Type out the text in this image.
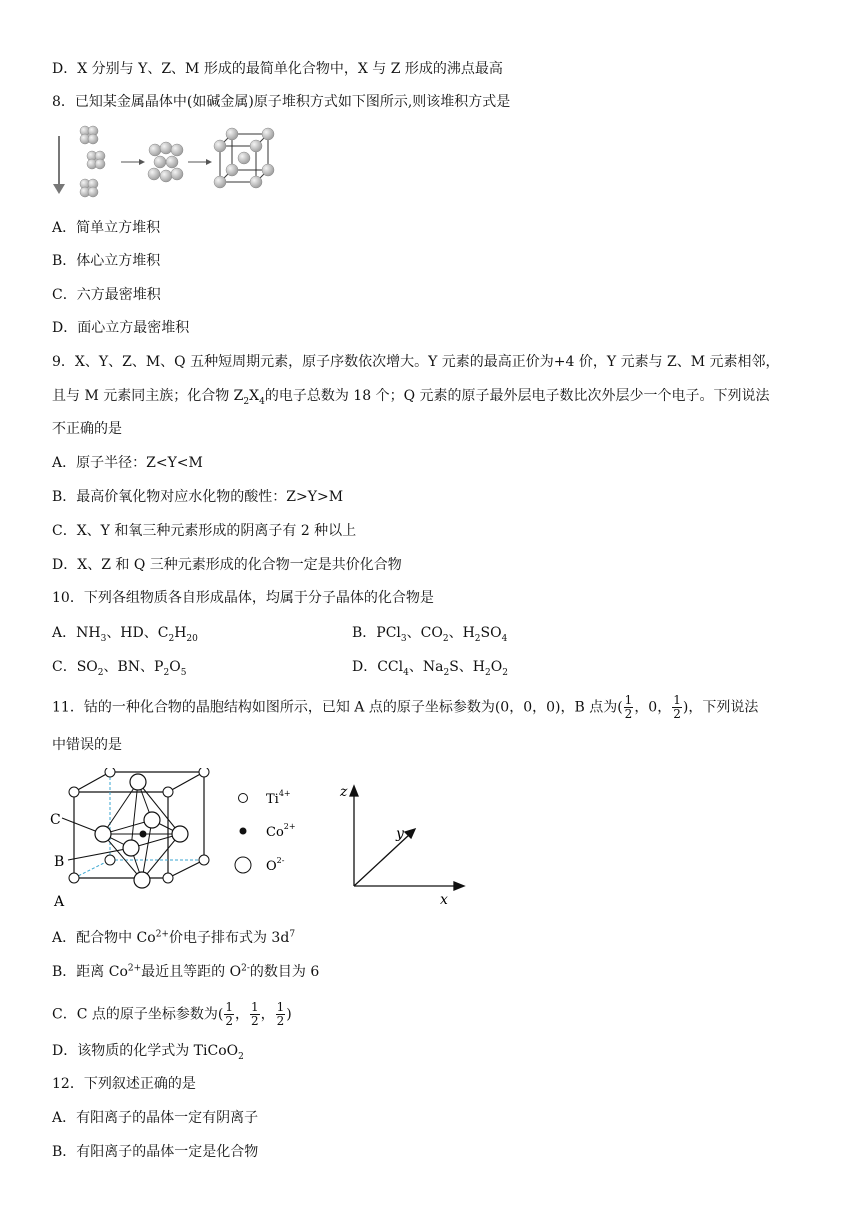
D．X 分别与 Y、Z、M 形成的最简单化合物中，X 与 Z 形成的沸点最高
8．已知某金属晶体中(如碱金属)原子堆积方式如下图所示,则该堆积方式是
A．简单立方堆积
B．体心立方堆积
C．六方最密堆积
D．面心立方最密堆积
9．X、Y、Z、M、Q 五种短周期元素，原子序数依次增大。Y 元素的最高正价为+4 价，Y 元素与 Z、M 元素相邻，
且与 M 元素同主族；化合物 $Z_2X_4$的电子总数为 18 个；Q 元素的原子最外层电子数比次外层少一个电子。下列说法
不正确的是
A．原子半径：Z<Y<M
B．最高价氧化物对应水化物的酸性：Z>Y>M
C．X、Y 和氧三种元素形成的阴离子有 2 种以上
D．X、Z 和 Q 三种元素形成的化合物一定是共价化合物
10．下列各组物质各自形成晶体，均属于分子晶体的化合物是
A．$NH_3$、HD、$C_2H_{20}$	B．PCl$_3$、$CO_2$、$H_2SO_4$
C．$SO_2$、BN、$P_2O_5$	D．CCl$_4$、$Na_2S$、$H_2O_2$
11．钴的一种化合物的晶胞结构如图所示，已知 A 点的原子坐标参数为(0，0，0)，B 点为( $\frac{1}{2}$ ，0， $\frac{1}{2}$ )，下列说法
中错误的是
C
B
A
$Ti^{4+}$
$Co^{2+}$
$O^{2-}$
z
y
x
A．配合物中 $Co^{2+}$价电子排布式为 $3d^7$
B．距离 $Co^{2+}$最近且等距的 $O^{2-}$的数目为 6
C．C 点的原子坐标参数为( $\frac{1}{2}$ ， $\frac{1}{2}$ ， $\frac{1}{2}$ )
D．该物质的化学式为 TiCoO$_2$
12．下列叙述正确的是
A．有阳离子的晶体一定有阴离子
B．有阳离子的晶体一定是化合物
